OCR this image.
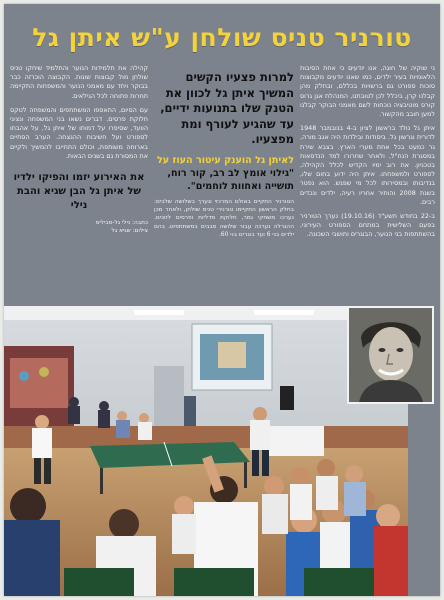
טורניר טניס שולחן ע"ש איתן גל

ני שוקיה של חוגה, אנו יודעים כי אחת הסיבות הלאומיות בעיר ילדים, כמו שאנו יודעים מקבוצות סוכות ספורט גם ברשויות בכללם, ובחלק מהן קבלנו קרן, ביכלל לכן לטובתנו, המנהלת אגן גרוס קורס מוטיבציה נוכחות לשם מאמני הבוקר קבלנו למען חובב מהקשור.

איתן גל נולד בראשון לציון ב-4 בנובמבר 1948 לדורית וגרשון גל. ביסודות ובילדות היה אגב מורה, גר כמעט בכל אחת מערי הארץ. בצבא שירת במסגרת הנח"ל, ולאחר שחרורו למד הנדסאות בטכניון. את רוב ימיו הקדיש לכלל הקהילה, לספורט ולמשפחתו. איתן היה ידוע בחום שלו, בנדיבותו ובמסירותו לכל מי שפגש. הוא נפטר בשנת 2008 והותיר אחריו רעיה, ילדים ונכדים רבים.

ב-22 בחודש תשע"ד (19.10.16) נערך הטורניר בפעם השלישית במתחם הספורט העירוני, בהשתתפות בני הנוער, הבוגרים ותושבי השכונה.

למרות פצעיו הקשים המשיך איתן גל לכוון את הטנק שלו בתנועות ידיים, עד שהגיע לעורף ומת מפצעיו.

לאיתן גל הוענק עיטור העוז על "גילוי אומץ לב רב, קור רוח, תושייה ואחוות לוחמים".

הטורניר התקיים באולם המרכזי ונערך בשלושה שלבים: בחלק הראשון התקיימו טורנירי טניס שולחן, ולאחר מכן נערכו משחקי גמר, חלוקת מדליות ופרסים לזוכים. ההגרלה נערכה עבור שלושה סבבים במשתתפים. בהם ילדים בני 6 ועד בוגרים בני 60.

קהילה את תלמידות הנוער והתלמיד שיחקו טניס שולחן מול קבוצות שונות. הקבוצה הוכרזה כבר בבוקר ויחד עם מאמני הנוער והמשפחות התקיימה תחרות פתוחה לכל הגילאים.

עם הסיום, התאספו המשתתפים והמשפחה לטקס חלוקת פרסים. דברים נשאו בני המשפחה ונציגי הוועד, שסיפרו על דמותו של איתן גל, על אהבתו לספורט ועל חשיבות ההנצחה. הערב הסתיים בארוחה משותפת, וכולם התחייבו להמשיך ולקיים את המסורת גם בשנים הבאות.

את האירוע יזמו והפיקו ילדיו של איתן גל הבן שגיא והבת נילי

כתבה: נילי גל-סביליס
צילום: שגיא גל
